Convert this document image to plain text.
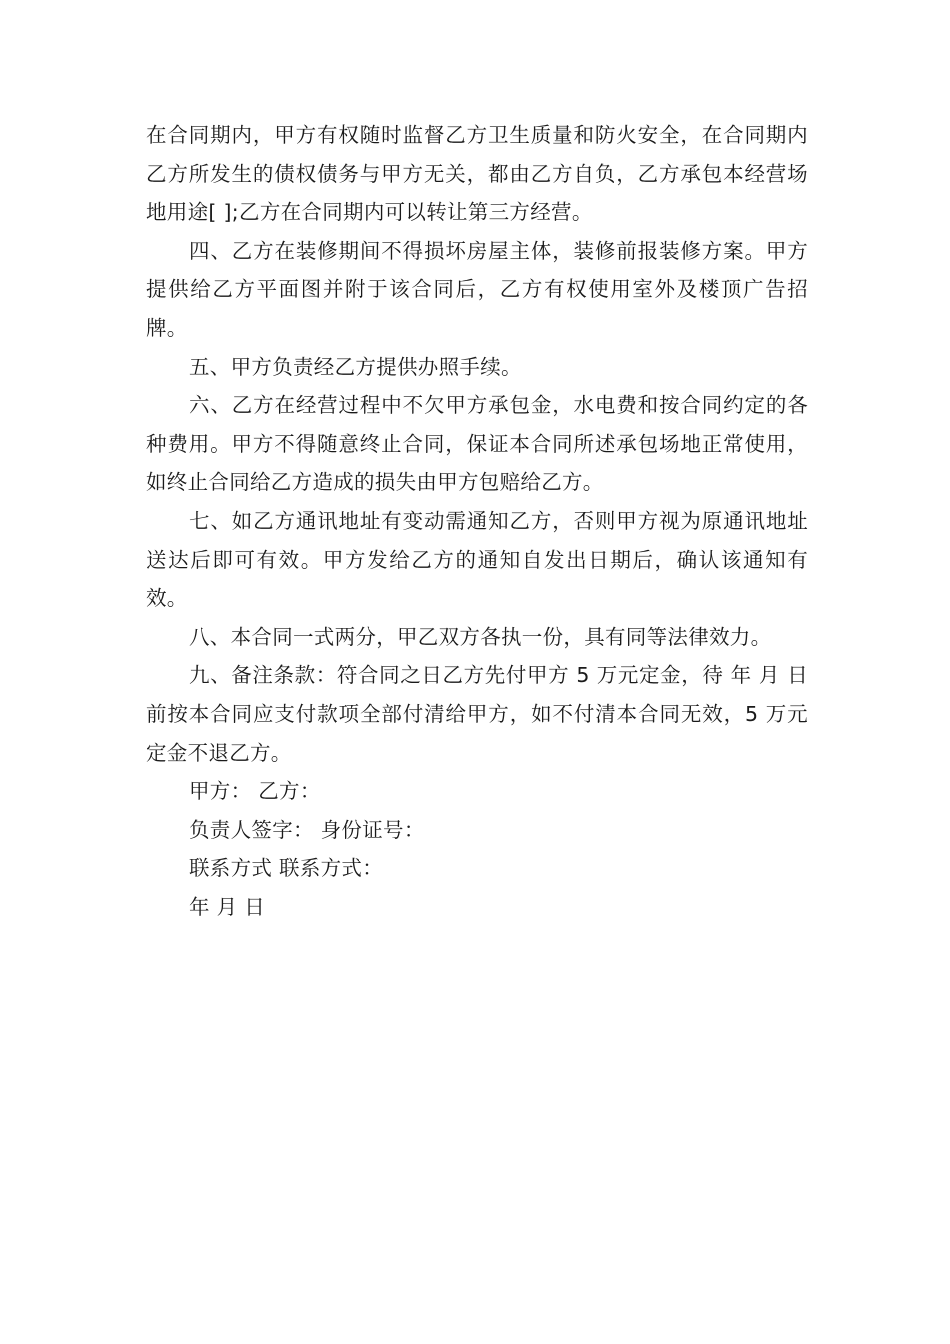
在合同期内，甲方有权随时监督乙方卫生质量和防火安全，在合同期内乙方所发生的债权债务与甲方无关，都由乙方自负，乙方承包本经营场地用途[ ];乙方在合同期内可以转让第三方经营。

四、乙方在装修期间不得损坏房屋主体，装修前报装修方案。甲方提供给乙方平面图并附于该合同后，乙方有权使用室外及楼顶广告招牌。

五、甲方负责经乙方提供办照手续。

六、乙方在经营过程中不欠甲方承包金，水电费和按合同约定的各种费用。甲方不得随意终止合同，保证本合同所述承包场地正常使用，如终止合同给乙方造成的损失由甲方包赔给乙方。

七、如乙方通讯地址有变动需通知乙方，否则甲方视为原通讯地址送达后即可有效。甲方发给乙方的通知自发出日期后，确认该通知有效。

八、本合同一式两分，甲乙双方各执一份，具有同等法律效力。

九、备注条款：符合同之日乙方先付甲方 5 万元定金，待 年 月 日前按本合同应支付款项全部付清给甲方，如不付清本合同无效，5 万元定金不退乙方。

甲方： 乙方：

负责人签字： 身份证号：

联系方式 联系方式：

年 月 日
